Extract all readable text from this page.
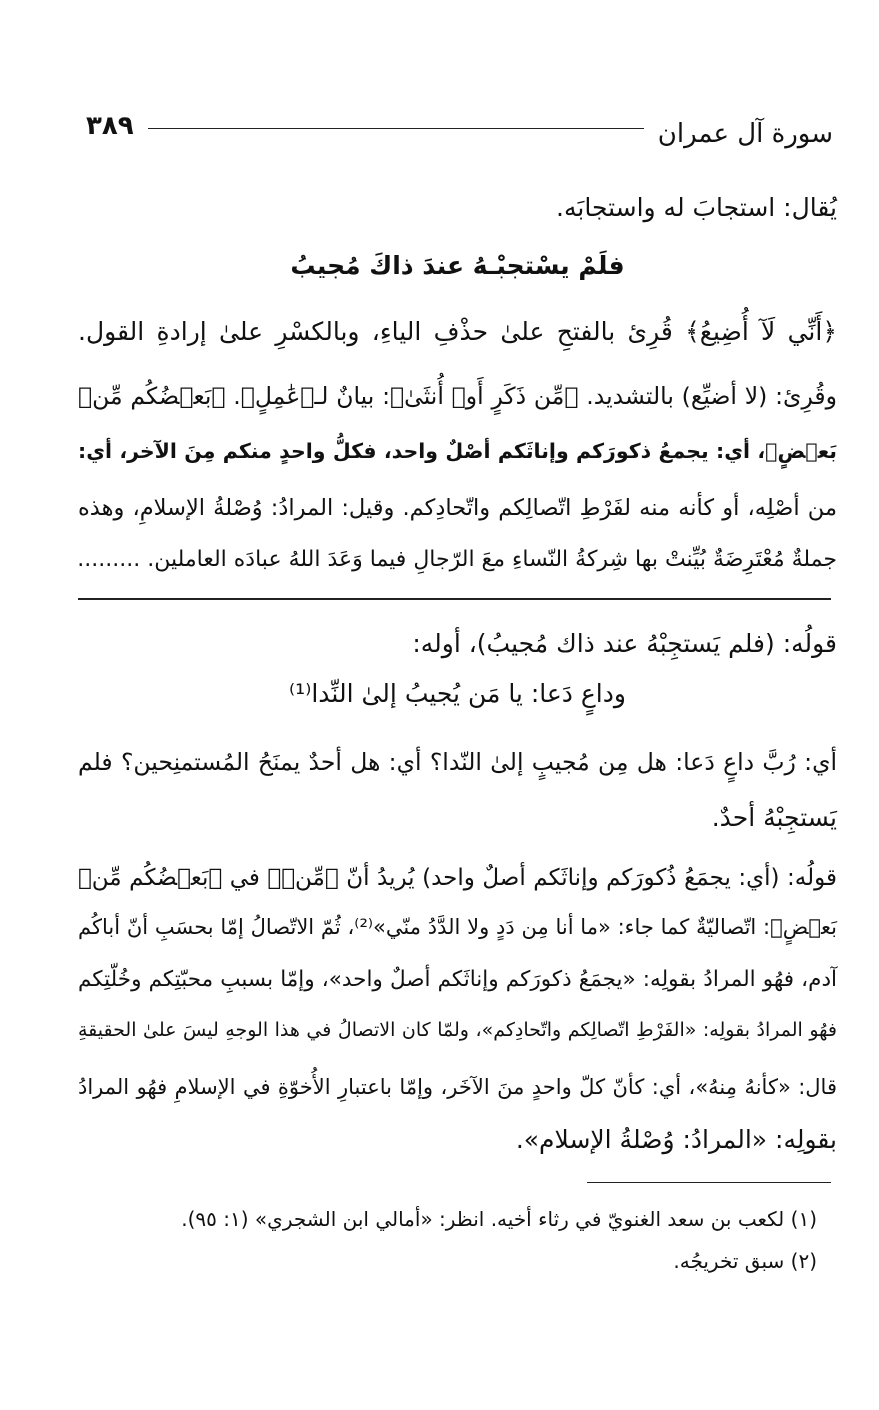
سورة آل عمران
٣٨٩
يُقال: استجابَ له واستجابَه.
فلَمْ يسْتجبْـهُ عندَ ذاكَ مُجيبُ
﴿أَنِّي لَآ أُضِيعُ﴾ قُرِئ بالفتحِ علىٰ حذْفِ الياءِ، وبالكسْرِ علىٰ إرادةِ القول.
وقُرِئ: (لا أضيِّع) بالتشديد. ﴿مِّن ذَكَرٍ أَوۡ أُنثَىٰ﴾: بيانٌ لـ﴿عَٰمِلٍ﴾. ﴿بَعۡضُكُم مِّنۢ
بَعۡضٍ﴾، أي: يجمعُ ذكورَكم وإناثَكم أصْلٌ واحد، فكلُّ واحدٍ منكم مِنَ الآخر، أي:
من أصْلِه، أو كأنه منه لفَرْطِ اتّصالِكم واتّحادِكم. وقيل: المرادُ: وُصْلةُ الإسلامِ، وهذه
جملةٌ مُعْتَرِضَةٌ بُيِّنتْ بها شِركةُ النّساءِ معَ الرّجالِ فيما وَعَدَ اللهُ عبادَه العاملين. .........
قولُه: (فلم يَستجِبْهُ عند ذاك مُجيبُ)، أوله:
وداعٍ دَعا: يا مَن يُجيبُ إلىٰ النِّدا⁽¹⁾
أي: رُبَّ داعٍ دَعا: هل مِن مُجيبٍ إلىٰ النّدا؟ أي: هل أحدٌ يمنَحُ المُستمنِحين؟ فلم
يَستجِبْهُ أحدٌ.
قولُه: (أي: يجمَعُ ذُكورَكم وإناثَكم أصلٌ واحد) يُريدُ أنّ ﴿مِّنۢ﴾ في ﴿بَعۡضُكُم مِّنۢ
بَعۡضٍ﴾: اتّصاليّةٌ كما جاء: «ما أنا مِن دَدٍ ولا الدَّدُ منّي»⁽²⁾، ثُمّ الاتّصالُ إمّا بحسَبِ أنّ أباكُم
آدم، فهُو المرادُ بقولِه: «يجمَعُ ذكورَكم وإناثَكم أصلٌ واحد»، وإمّا بسببِ محبّتِكم وخُلّتِكم
فهُو المرادُ بقولِه: «الفَرْطِ اتّصالِكم واتّحادِكم»، ولمّا كان الاتصالُ في هذا الوجهِ ليسَ علىٰ الحقيقةِ
قال: «كأنهُ مِنهُ»، أي: كأنّ كلّ واحدٍ منَ الآخَر، وإمّا باعتبارِ الأُخوّةِ في الإسلامِ فهُو المرادُ
بقولِه: «المرادُ: وُصْلةُ الإسلام».
(١) لكعب بن سعد الغنويّ في رثاء أخيه. انظر: «أمالي ابن الشجري» (١: ٩٥).
(٢) سبق تخريجُه.
